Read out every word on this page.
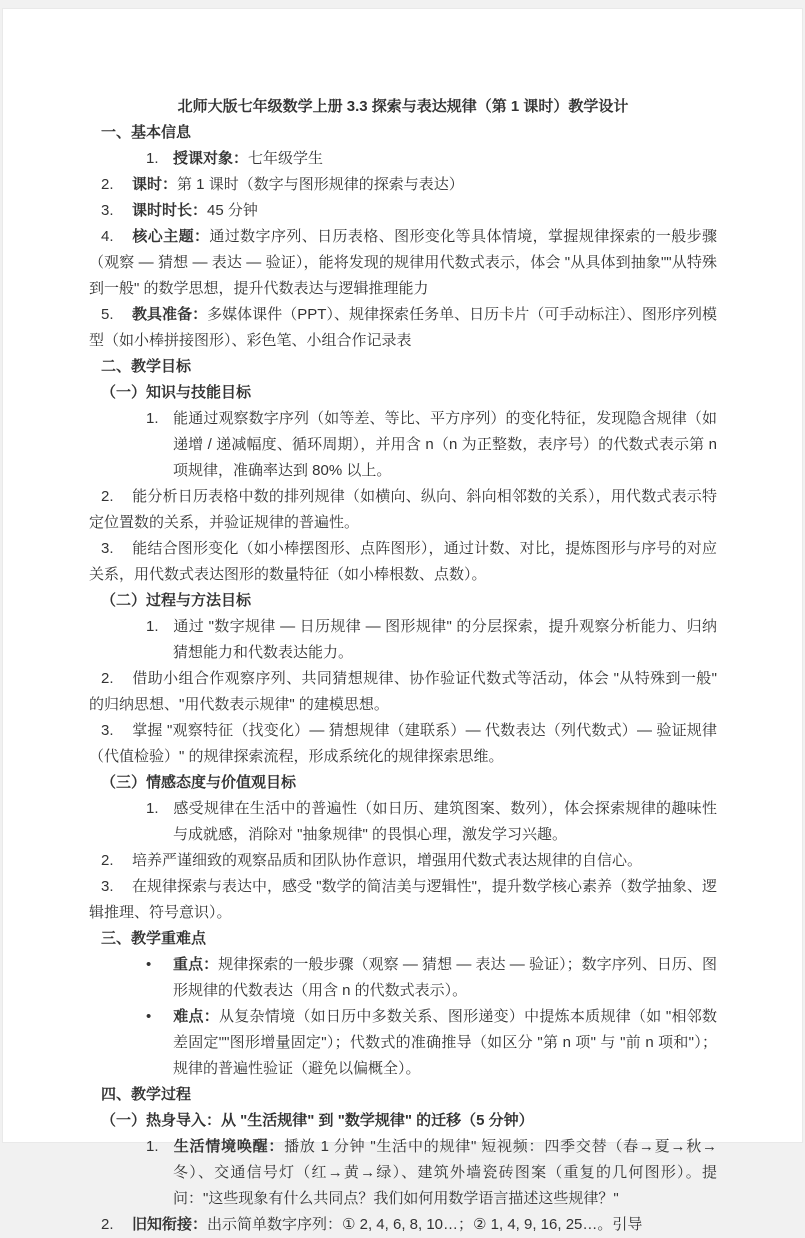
北师大版七年级数学上册 3.3 探索与表达规律（第 1 课时）教学设计
一、基本信息
1. 授课对象：七年级学生
2. 课时：第 1 课时（数字与图形规律的探索与表达）
3. 课时时长：45 分钟
4. 核心主题：通过数字序列、日历表格、图形变化等具体情境，掌握规律探索的一般步骤（观察 — 猜想 — 表达 — 验证），能将发现的规律用代数式表示，体会 "从具体到抽象""从特殊到一般" 的数学思想，提升代数表达与逻辑推理能力
5. 教具准备：多媒体课件（PPT）、规律探索任务单、日历卡片（可手动标注）、图形序列模型（如小棒拼接图形）、彩色笔、小组合作记录表
二、教学目标
（一）知识与技能目标
1. 能通过观察数字序列（如等差、等比、平方序列）的变化特征，发现隐含规律（如递增 / 递减幅度、循环周期），并用含 n（n 为正整数，表序号）的代数式表示第 n 项规律，准确率达到 80% 以上。
2. 能分析日历表格中数的排列规律（如横向、纵向、斜向相邻数的关系），用代数式表示特定位置数的关系，并验证规律的普遍性。
3. 能结合图形变化（如小棒摆图形、点阵图形），通过计数、对比，提炼图形与序号的对应关系，用代数式表达图形的数量特征（如小棒根数、点数）。
（二）过程与方法目标
1. 通过 "数字规律 — 日历规律 — 图形规律" 的分层探索，提升观察分析能力、归纳猜想能力和代数表达能力。
2. 借助小组合作观察序列、共同猜想规律、协作验证代数式等活动，体会 "从特殊到一般" 的归纳思想、"用代数表示规律" 的建模思想。
3. 掌握 "观察特征（找变化）— 猜想规律（建联系）— 代数表达（列代数式）— 验证规律（代值检验）" 的规律探索流程，形成系统化的规律探索思维。
（三）情感态度与价值观目标
1. 感受规律在生活中的普遍性（如日历、建筑图案、数列），体会探索规律的趣味性与成就感，消除对 "抽象规律" 的畏惧心理，激发学习兴趣。
2. 培养严谨细致的观察品质和团队协作意识，增强用代数式表达规律的自信心。
3. 在规律探索与表达中，感受 "数学的简洁美与逻辑性"，提升数学核心素养（数学抽象、逻辑推理、符号意识）。
三、教学重难点
• 重点：规律探索的一般步骤（观察 — 猜想 — 表达 — 验证）；数字序列、日历、图形规律的代数表达（用含 n 的代数式表示）。
• 难点：从复杂情境（如日历中多数关系、图形递变）中提炼本质规律（如 "相邻数差固定""图形增量固定"）；代数式的准确推导（如区分 "第 n 项" 与 "前 n 项和"）；规律的普遍性验证（避免以偏概全）。
四、教学过程
（一）热身导入：从 "生活规律" 到 "数学规律" 的迁移（5 分钟）
1. 生活情境唤醒：播放 1 分钟 "生活中的规律" 短视频：四季交替（春→夏→秋→冬）、交通信号灯（红→黄→绿）、建筑外墙瓷砖图案（重复的几何图形）。提问："这些现象有什么共同点？我们如何用数学语言描述这些规律？"
2. 旧知衔接：出示简单数字序列：① 2, 4, 6, 8, 10…；② 1, 4, 9, 16, 25…。引导
